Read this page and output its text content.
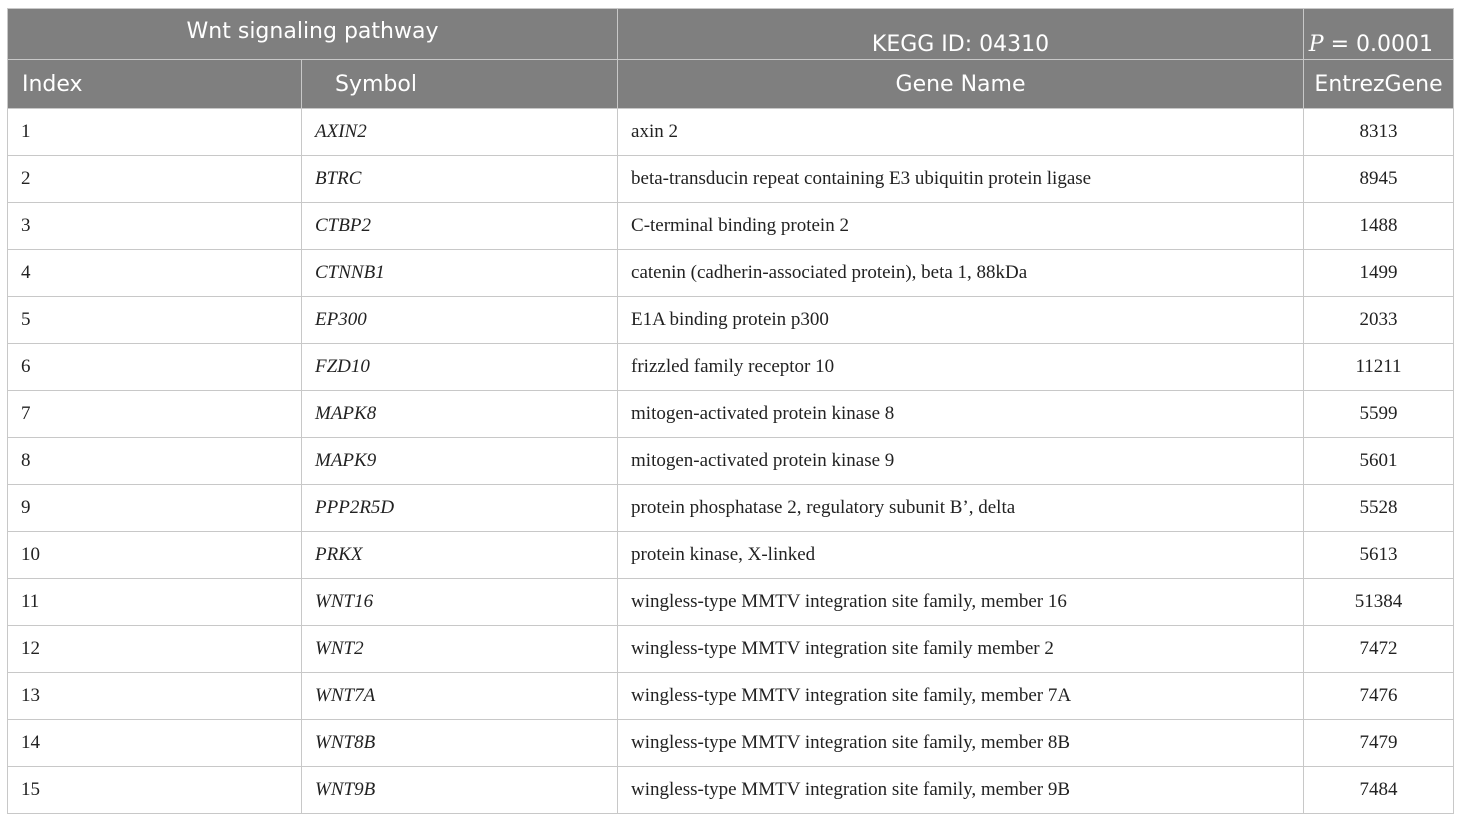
Wnt signaling pathway		KEGG ID: 04310	P = 0.0001
Index	Symbol	Gene Name	EntrezGene
1	AXIN2	axin 2	8313
2	BTRC	beta-transducin repeat containing E3 ubiquitin protein ligase	8945
3	CTBP2	C-terminal binding protein 2	1488
4	CTNNB1	catenin (cadherin-associated protein), beta 1, 88kDa	1499
5	EP300	E1A binding protein p300	2033
6	FZD10	frizzled family receptor 10	11211
7	MAPK8	mitogen-activated protein kinase 8	5599
8	MAPK9	mitogen-activated protein kinase 9	5601
9	PPP2R5D	protein phosphatase 2, regulatory subunit B’, delta	5528
10	PRKX	protein kinase, X-linked	5613
11	WNT16	wingless-type MMTV integration site family, member 16	51384
12	WNT2	wingless-type MMTV integration site family member 2	7472
13	WNT7A	wingless-type MMTV integration site family, member 7A	7476
14	WNT8B	wingless-type MMTV integration site family, member 8B	7479
15	WNT9B	wingless-type MMTV integration site family, member 9B	7484
